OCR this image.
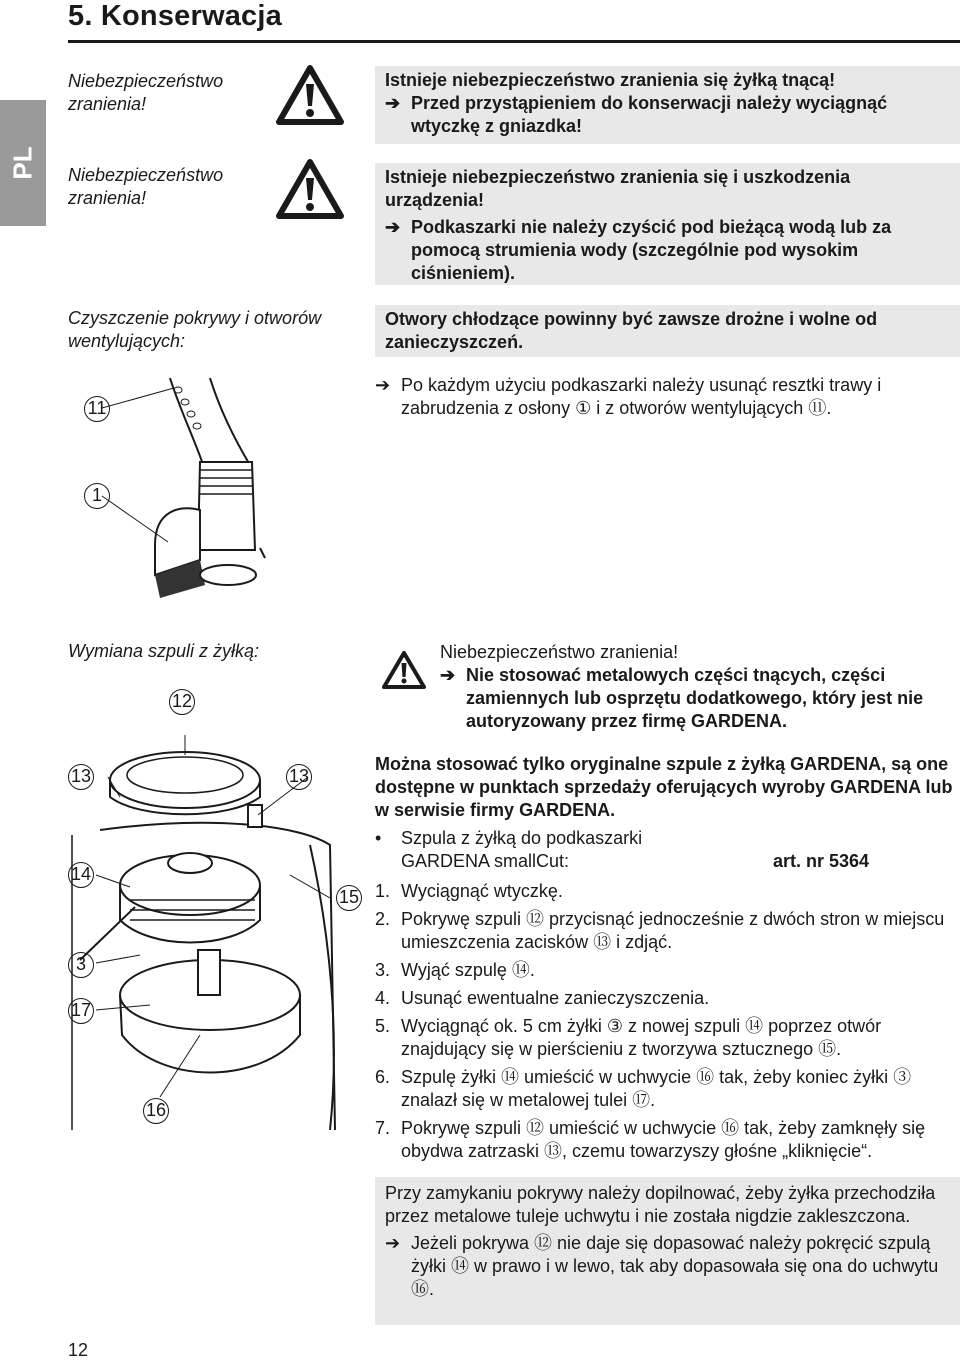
5. Konserwacja
PL
Niebezpieczeństwo zranienia!
Niebezpieczeństwo zranienia!
Czyszczenie pokrywy i otworów wentylujących:
Wymiana szpuli z żyłką:
Istnieje niebezpieczeństwo zranienia się żyłką tnącą!
➔ Przed przystąpieniem do konserwacji należy wyciągnąć wtyczkę z gniazdka!
Istnieje niebezpieczeństwo zranienia się i uszkodzenia urządzenia!
➔ Podkaszarki nie należy czyścić pod bieżącą wodą lub za pomocą strumienia wody (szczególnie pod wysokim ciśnieniem).
Otwory chłodzące powinny być zawsze drożne i wolne od zanieczyszczeń.
➔ Po każdym użyciu podkaszarki należy usunąć resztki trawy i zabrudzenia z osłony ① i z otworów wentylujących ⑪.
11
1
Niebezpieczeństwo zranienia!
➔ Nie stosować metalowych części tnących, części zamiennych lub osprzętu dodatkowego, który jest nie autoryzowany przez firmę GARDENA.
Można stosować tylko oryginalne szpule z żyłką GARDENA, są one dostępne w punktach sprzedaży oferujących wyroby GARDENA lub w serwisie firmy GARDENA.
• Szpula z żyłką do podkaszarki
GARDENA smallCut:	art. nr 5364
1. Wyciągnąć wtyczkę.
2. Pokrywę szpuli ⑫ przycisnąć jednocześnie z dwóch stron w miejscu umieszczenia zacisków ⑬ i zdjąć.
3. Wyjąć szpulę ⑭.
4. Usunąć ewentualne zanieczyszczenia.
5. Wyciągnąć ok. 5 cm żyłki ③ z nowej szpuli ⑭ poprzez otwór znajdujący się w pierścieniu z tworzywa sztucznego ⑮.
6. Szpulę żyłki ⑭ umieścić w uchwycie ⑯ tak, żeby koniec żyłki ③ znalazł się w metalowej tulei ⑰.
7. Pokrywę szpuli ⑫ umieścić w uchwycie ⑯ tak, żeby zamknęły się obydwa zatrzaski ⑬, czemu towarzyszy głośne „kliknięcie“.
12
13	13
14
15
3
17
16
Przy zamykaniu pokrywy należy dopilnować, żeby żyłka przechodziła przez metalowe tuleje uchwytu i nie została nigdzie zakleszczona.
➔ Jeżeli pokrywa ⑫ nie daje się dopasować należy pokręcić szpulą żyłki ⑭ w prawo i w lewo, tak aby dopasowała się ona do uchwytu ⑯.
12
